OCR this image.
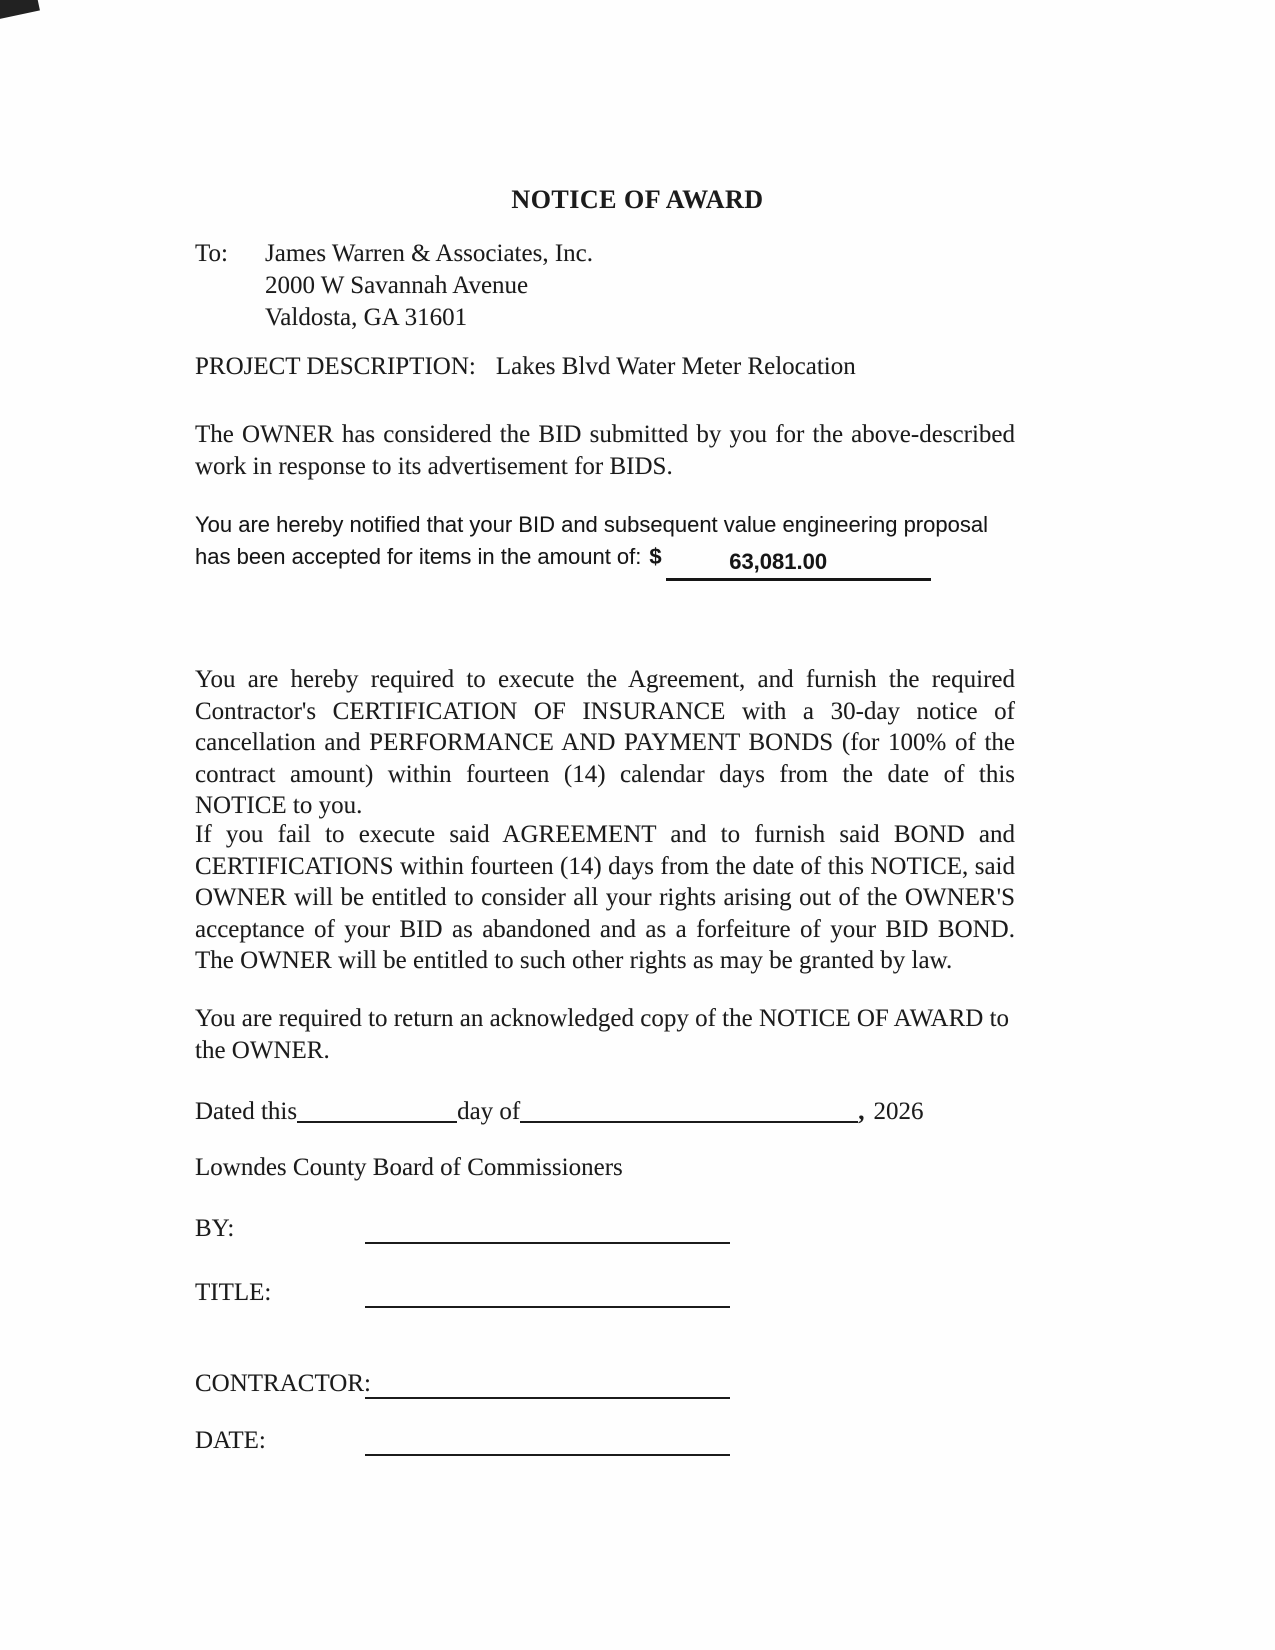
NOTICE OF AWARD
To:	James Warren & Associates, Inc.
2000 W Savannah Avenue
Valdosta, GA 31601
PROJECT DESCRIPTION: Lakes Blvd Water Meter Relocation

The OWNER has considered the BID submitted by you for the above-described work in response to its advertisement for BIDS.

You are hereby notified that your BID and subsequent value engineering proposal has been accepted for items in the amount of: $	63,081.00

You are hereby required to execute the Agreement, and furnish the required Contractor's CERTIFICATION OF INSURANCE with a 30-day notice of cancellation and PERFORMANCE AND PAYMENT BONDS (for 100% of the contract amount) within fourteen (14) calendar days from the date of this NOTICE to you.

If you fail to execute said AGREEMENT and to furnish said BOND and CERTIFICATIONS within fourteen (14) days from the date of this NOTICE, said OWNER will be entitled to consider all your rights arising out of the OWNER'S acceptance of your BID as abandoned and as a forfeiture of your BID BOND. The OWNER will be entitled to such other rights as may be granted by law.

You are required to return an acknowledged copy of the NOTICE OF AWARD to the OWNER.

Dated this	day of	, 2026
Lowndes County Board of Commissioners
BY:
TITLE:
CONTRACTOR:
DATE:
